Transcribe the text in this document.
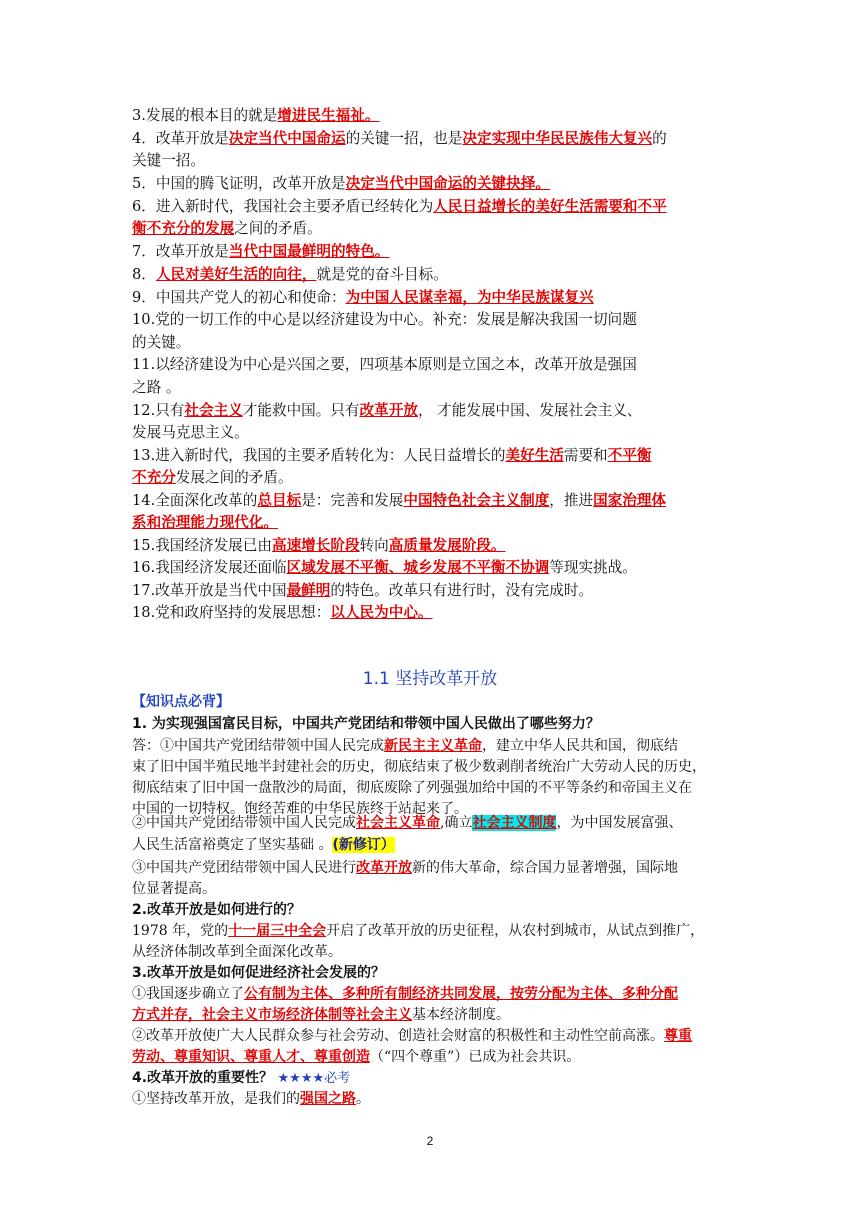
3.发展的根本目的就是增进民生福祉。
4．改革开放是决定当代中国命运的关键一招，也是决定实现中华民民族伟大复兴的
关键一招。
5．中国的腾飞证明，改革开放是决定当代中国命运的关键抉择。
6．进入新时代，我国社会主要矛盾已经转化为人民日益增长的美好生活需要和不平
衡不充分的发展之间的矛盾。
7．改革开放是当代中国最鲜明的特色。
8．人民对美好生活的向往，就是党的奋斗目标。
9．中国共产党人的初心和使命：为中国人民谋幸福，为中华民族谋复兴
10.党的一切工作的中心是以经济建设为中心。补充：发展是解决我国一切问题
的关键。
11.以经济建设为中心是兴国之要，四项基本原则是立国之本，改革开放是强国
之路 。
12.只有社会主义才能救中国。只有改革开放， 才能发展中国、发展社会主义、
发展马克思主义。
13.进入新时代，我国的主要矛盾转化为：人民日益增长的美好生活需要和不平衡
不充分发展之间的矛盾。
14.全面深化改革的总目标是：完善和发展中国特色社会主义制度，推进国家治理体
系和治理能力现代化。
15.我国经济发展已由高速增长阶段转向高质量发展阶段。
16.我国经济发展还面临区域发展不平衡、城乡发展不平衡不协调等现实挑战。
17.改革开放是当代中国最鲜明的特色。改革只有进行时，没有完成时。
18.党和政府坚持的发展思想：以人民为中心。
1.1 坚持改革开放
【知识点必背】
1. 为实现强国富民目标，中国共产党团结和带领中国人民做出了哪些努力？
答：①中国共产党团结带领中国人民完成新民主主义革命，建立中华人民共和国，彻底结
束了旧中国半殖民地半封建社会的历史，彻底结束了极少数剥削者统治广大劳动人民的历史，
彻底结束了旧中国一盘散沙的局面，彻底废除了列强强加给中国的不平等条约和帝国主义在
中国的一切特权。饱经苦难的中华民族终于站起来了。
②中国共产党团结带领中国人民完成社会主义革命,确立社会主义制度，为中国发展富强、
人民生活富裕奠定了坚实基础 。(新修订）
③中国共产党团结带领中国人民进行改革开放新的伟大革命，综合国力显著增强，国际地
位显著提高。
2.改革开放是如何进行的？
1978 年，党的十一届三中全会开启了改革开放的历史征程，从农村到城市，从试点到推广，
从经济体制改革到全面深化改革。
3.改革开放是如何促进经济社会发展的？
①我国逐步确立了公有制为主体、多种所有制经济共同发展，按劳分配为主体、多种分配
方式并存，社会主义市场经济体制等社会主义基本经济制度。
②改革开放使广大人民群众参与社会劳动、创造社会财富的积极性和主动性空前高涨。尊重
劳动、尊重知识、尊重人才、尊重创造（“四个尊重”）已成为社会共识。
4.改革开放的重要性？ ★★★★必考
①坚持改革开放，是我们的强国之路。
2
